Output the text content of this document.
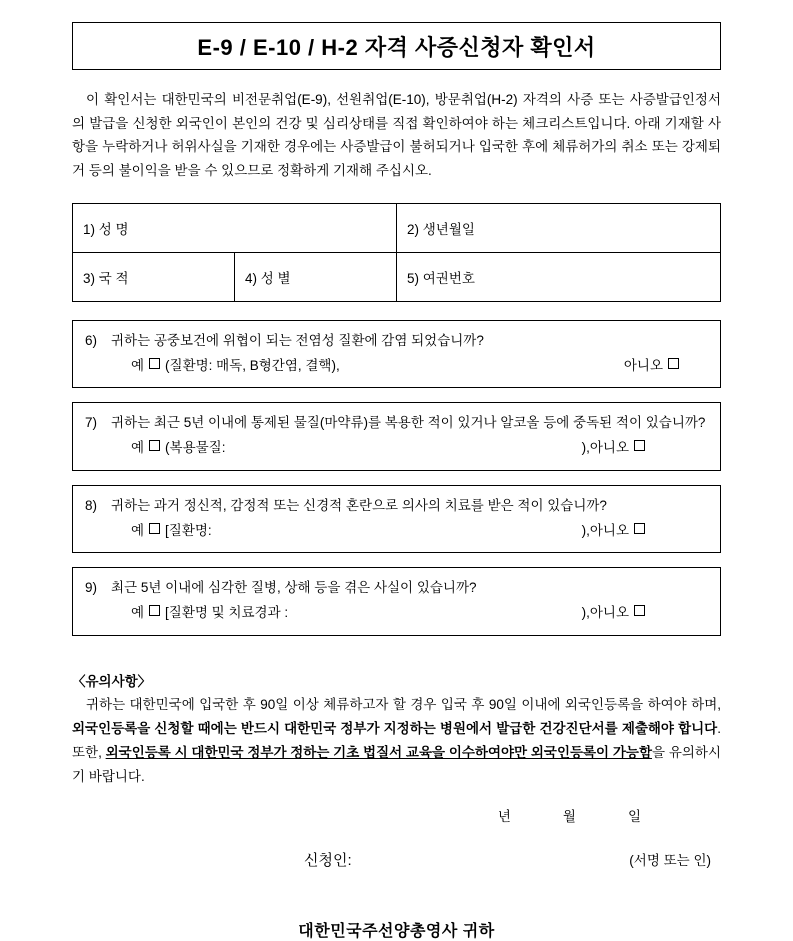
E-9 / E-10 / H-2 자격 사증신청자 확인서
이 확인서는 대한민국의 비전문취업(E-9), 선원취업(E-10), 방문취업(H-2) 자격의 사증 또는 사증발급인정서의 발급을 신청한 외국인이 본인의 건강 및 심리상태를 직접 확인하여야 하는 체크리스트입니다. 아래 기재할 사항을 누락하거나 허위사실을 기재한 경우에는 사증발급이 불허되거나 입국한 후에 체류허가의 취소 또는 강제퇴거 등의 불이익을 받을 수 있으므로 정확하게 기재해 주십시오.
1) 성 명		2) 생년월일
3) 국 적	4) 성 별	5) 여권번호
6)	귀하는 공중보건에 위협이 되는 전염성 질환에 감염 되었습니까?
예 (질환명: 매독, B형간염, 결핵),	아니오
7)	귀하는 최근 5년 이내에 통제된 물질(마약류)를 복용한 적이 있거나 알코올 등에 중독된 적이 있습니까?
예 (복용물질:	), 아니오
8)	귀하는 과거 정신적, 감정적 또는 신경적 혼란으로 의사의 치료를 받은 적이 있습니까?
예 [질환명:	), 아니오
9)	최근 5년 이내에 심각한 질병, 상해 등을 겪은 사실이 있습니까?
예 [질환명 및 치료경과 :	), 아니오
〈유의사항〉
귀하는 대한민국에 입국한 후 90일 이상 체류하고자 할 경우 입국 후 90일 이내에 외국인등록을 하여야 하며, 외국인등록을 신청할 때에는 반드시 대한민국 정부가 지정하는 병원에서 발급한 건강진단서를 제출해야 합니다. 또한, 외국인등록 시 대한민국 정부가 정하는 기초 법질서 교육을 이수하여야만 외국인등록이 가능함을 유의하시기 바랍니다.
년	월	일
신청인:	(서명 또는 인)
대한민국주선양총영사 귀하
